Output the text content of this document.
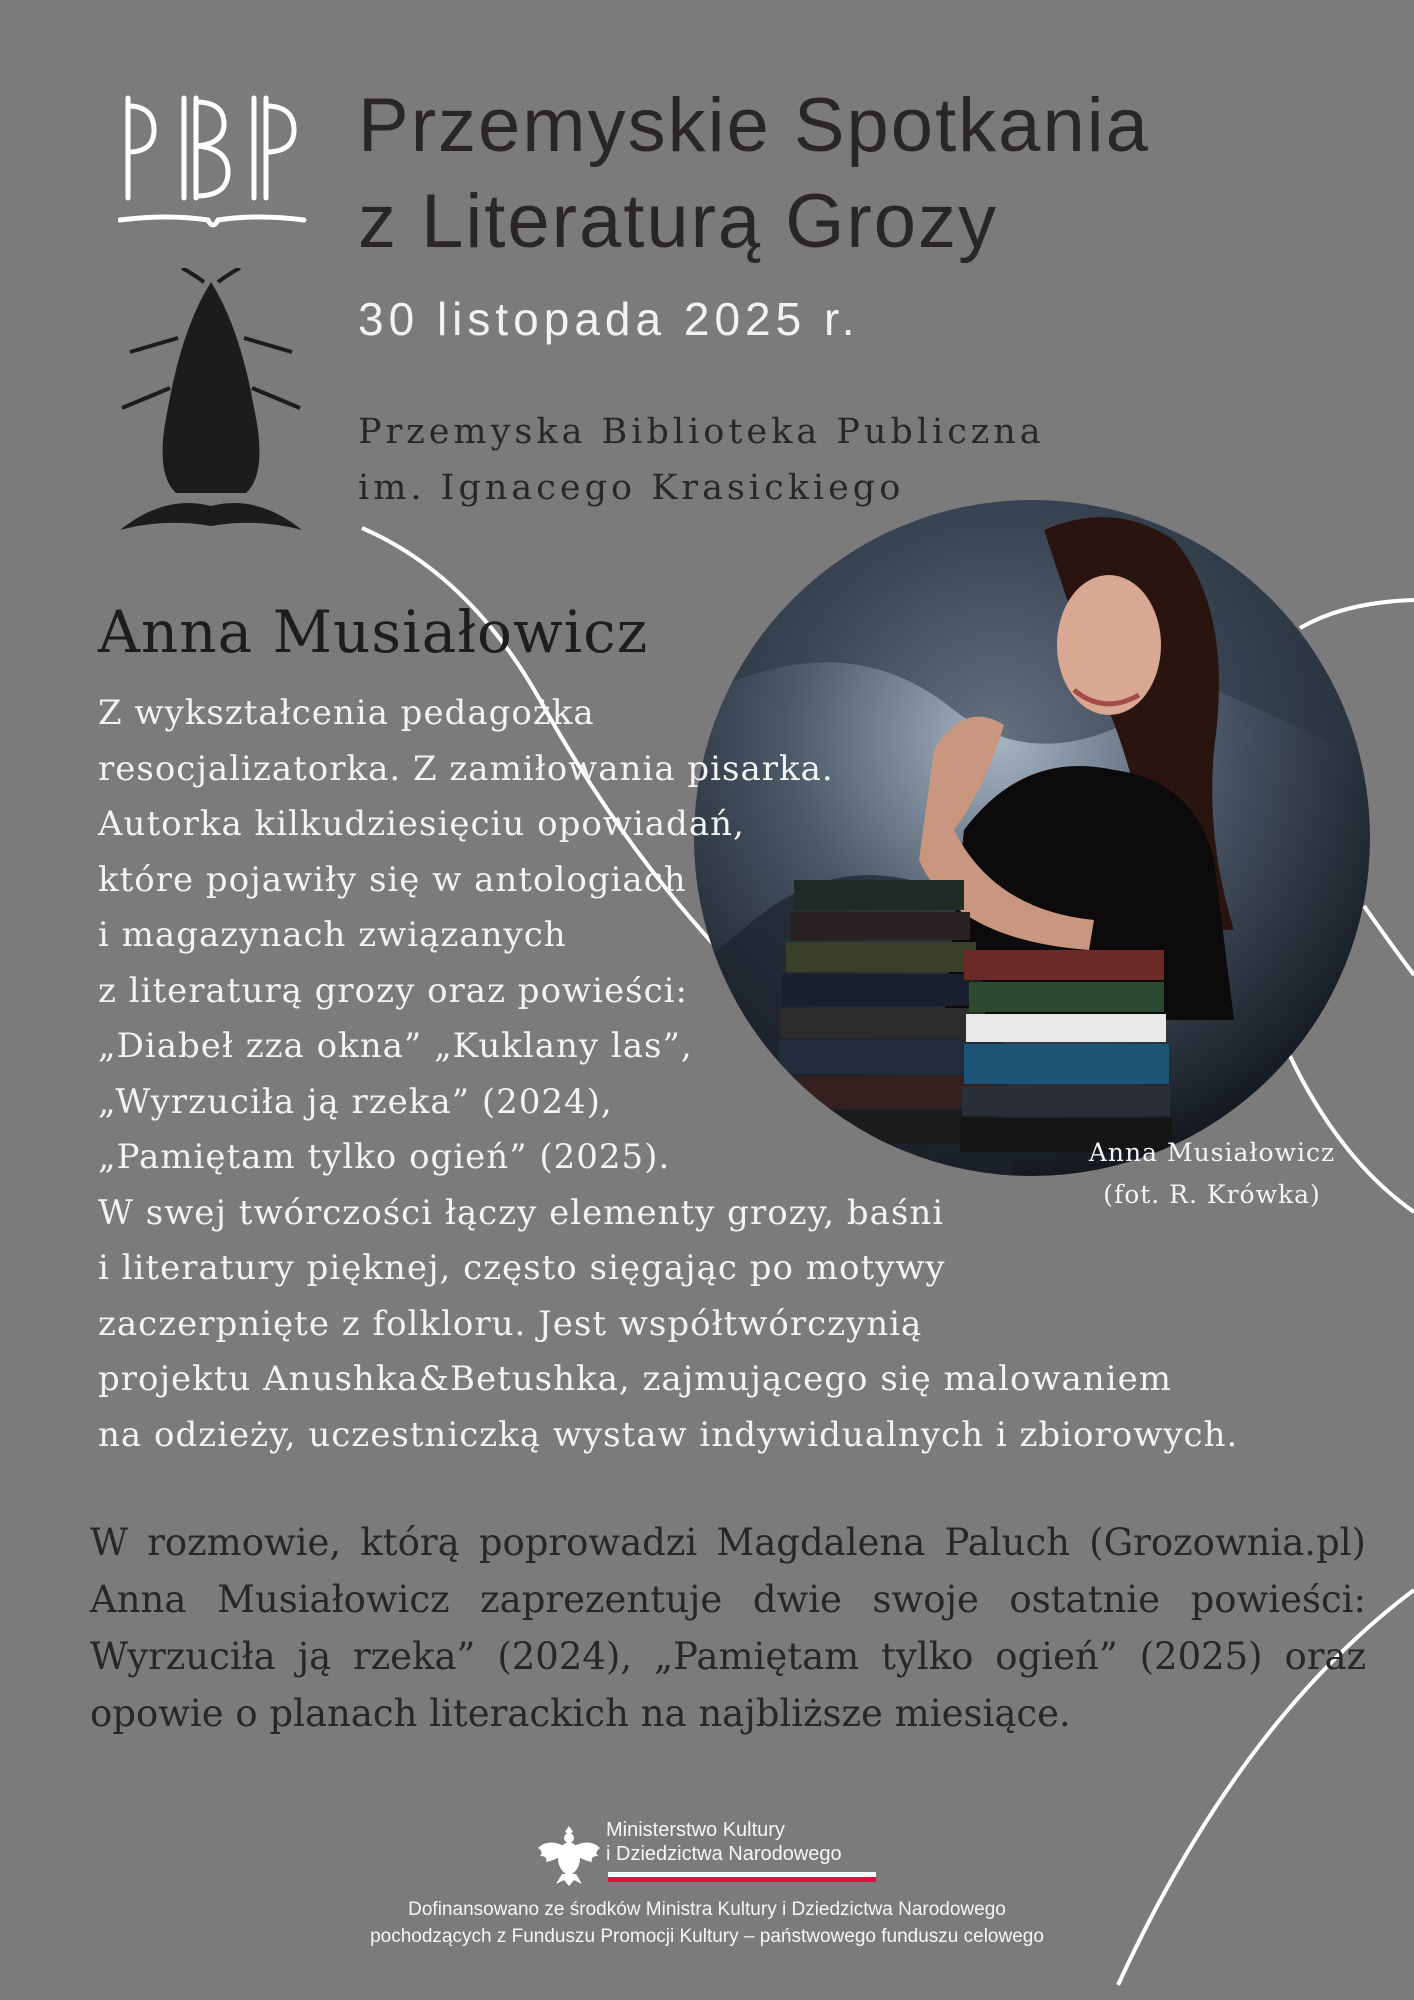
Przemyskie Spotkania
z Literaturą Grozy
30 listopada 2025 r.
Przemyska Biblioteka Publiczna
im. Ignacego Krasickiego
Anna Musiałowicz
(fot. R. Krówka)
Anna Musiałowicz
Z wykształcenia pedagożka
resocjalizatorka. Z zamiłowania pisarka.
Autorka kilkudziesięciu opowiadań,
które pojawiły się w antologiach
i magazynach związanych
z literaturą grozy oraz powieści:
„Diabeł zza okna” „Kuklany las”,
„Wyrzuciła ją rzeka” (2024),
„Pamiętam tylko ogień” (2025).
W swej twórczości łączy elementy grozy, baśni
i literatury pięknej, często sięgając po motywy
zaczerpnięte z folkloru. Jest współtwórczynią
projektu Anushka&Betushka, zajmującego się malowaniem
na odzieży, uczestniczką wystaw indywidualnych i zbiorowych.
W rozmowie, którą poprowadzi Magdalena Paluch (Grozownia.pl)
Anna Musiałowicz zaprezentuje dwie swoje ostatnie powieści:
Wyrzuciła ją rzeka” (2024), „Pamiętam tylko ogień” (2025) oraz
opowie o planach literackich na najbliższe miesiące.
Ministerstwo Kultury
i Dziedzictwa Narodowego
Dofinansowano ze środków Ministra Kultury i Dziedzictwa Narodowego
pochodzących z Funduszu Promocji Kultury – państwowego funduszu celowego
